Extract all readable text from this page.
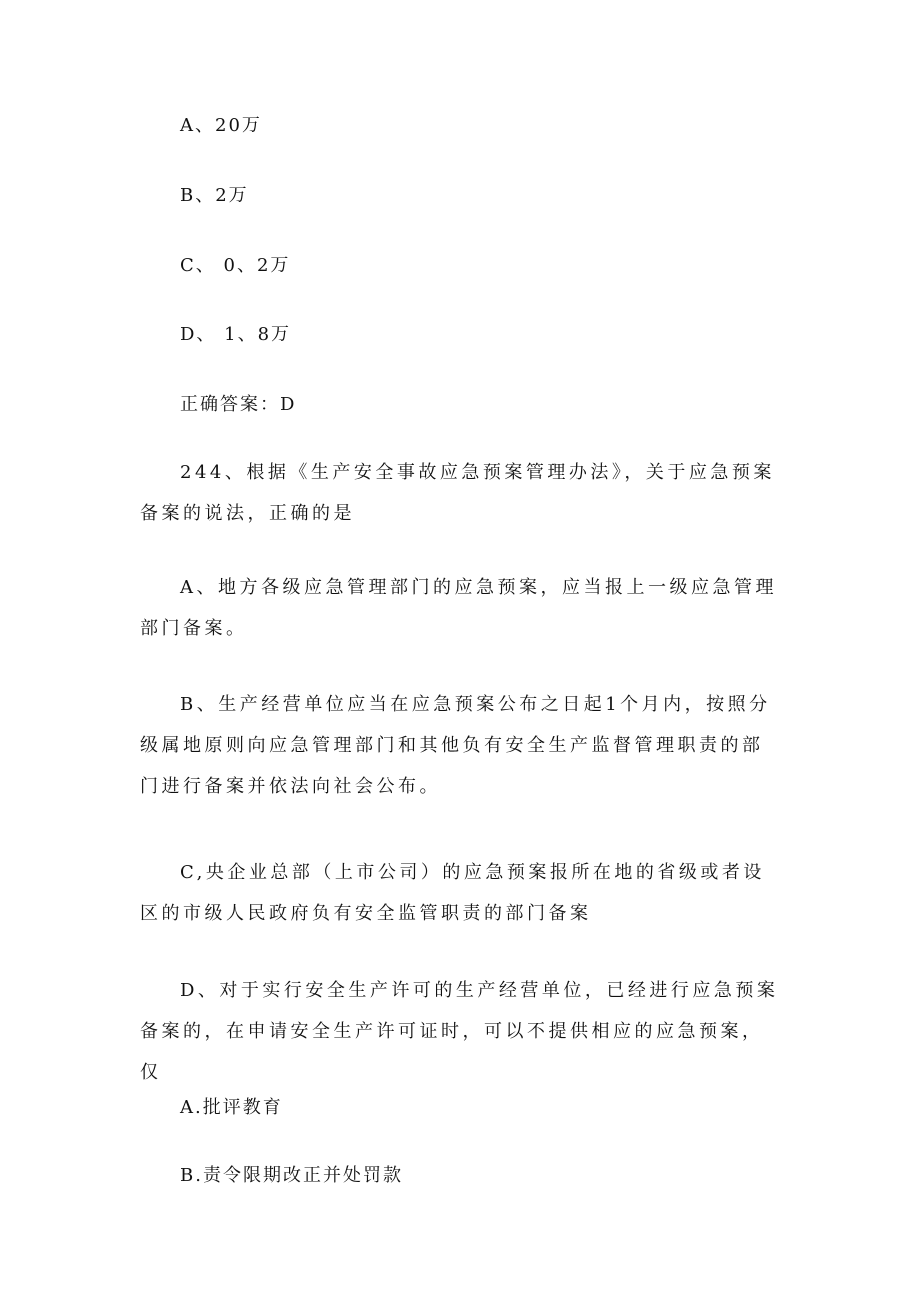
A、20万
B、2万
C、 0、2万
D、 1、8万
正确答案：D
244、根据《生产安全事故应急预案管理办法》，关于应急预案备案的说法，正确的是
A、地方各级应急管理部门的应急预案，应当报上一级应急管理部门备案。
B、生产经营单位应当在应急预案公布之日起1个月内，按照分级属地原则向应急管理部门和其他负有安全生产监督管理职责的部门进行备案并依法向社会公布。
C,央企业总部（上市公司）的应急预案报所在地的省级或者设区的市级人民政府负有安全监管职责的部门备案
D、对于实行安全生产许可的生产经营单位，已经进行应急预案备案的，在申请安全生产许可证时，可以不提供相应的应急预案，仅
A.批评教育
B.责令限期改正并处罚款
